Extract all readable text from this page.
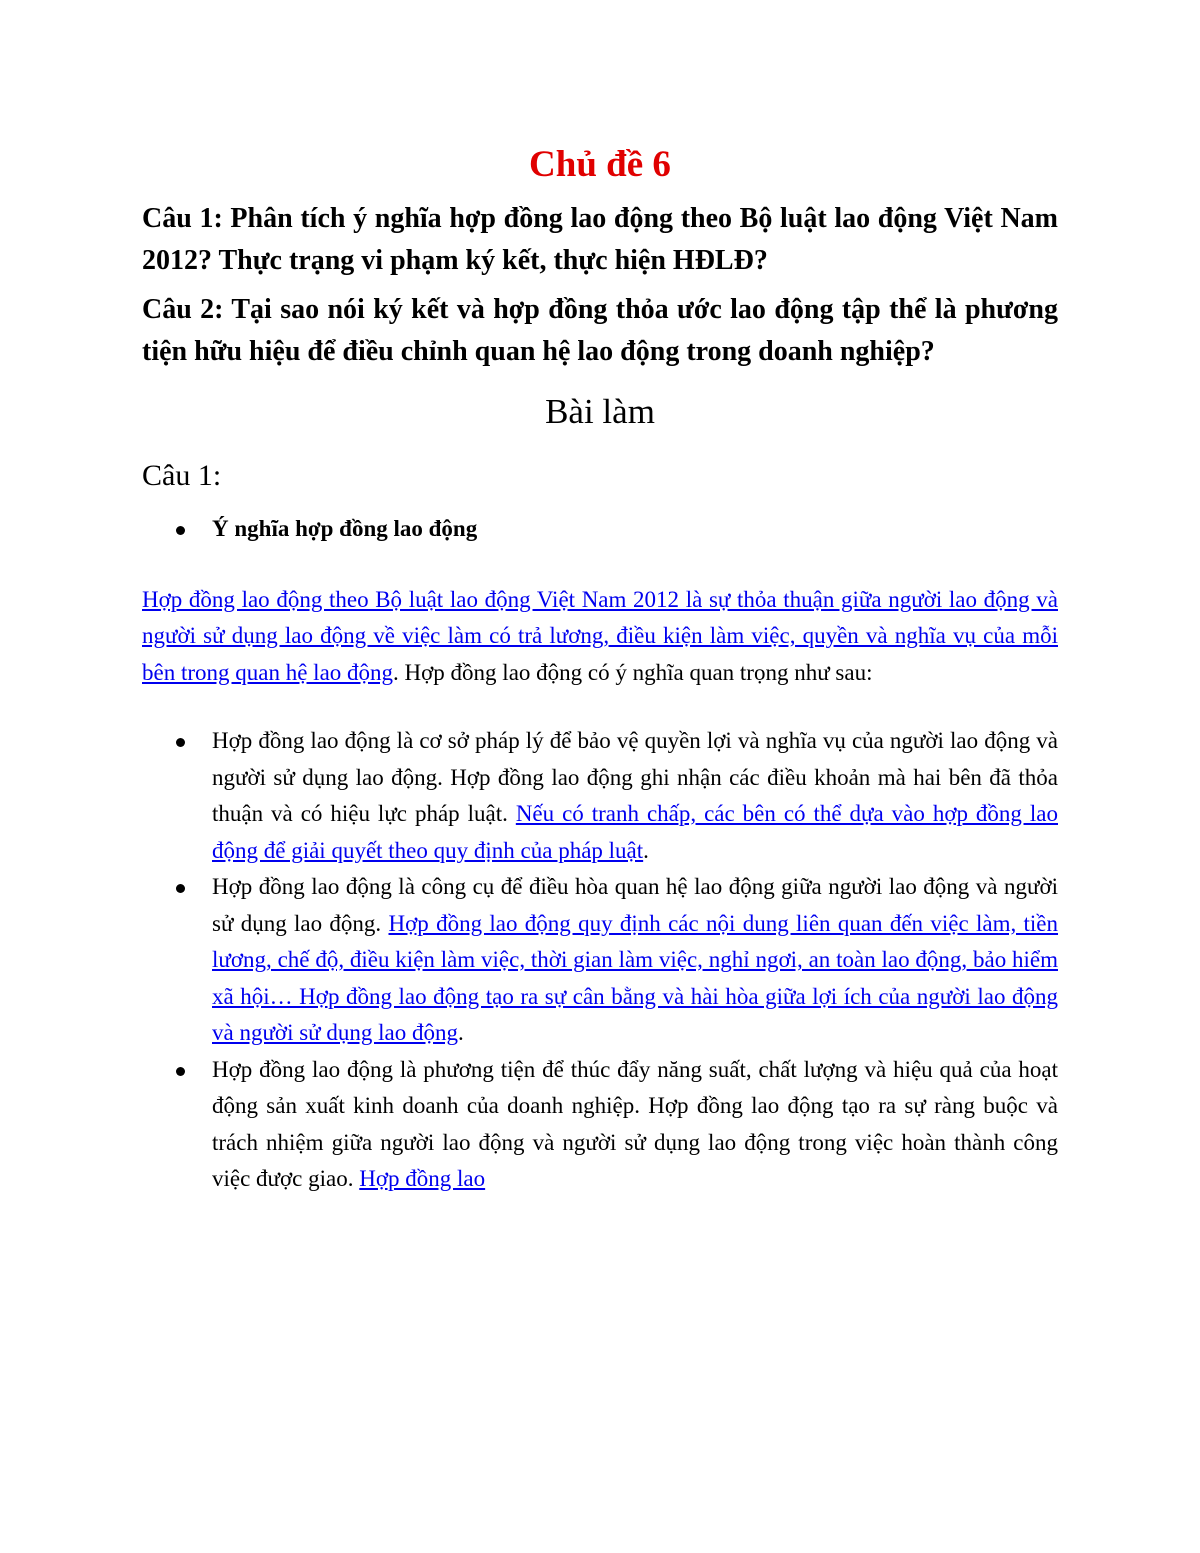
Chủ đề 6

Câu 1: Phân tích ý nghĩa hợp đồng lao động theo Bộ luật lao động Việt Nam 2012? Thực trạng vi phạm ký kết, thực hiện HĐLĐ?

Câu 2: Tại sao nói ký kết và hợp đồng thỏa ước lao động tập thể là phương tiện hữu hiệu để điều chỉnh quan hệ lao động trong doanh nghiệp?

Bài làm
Câu 1:
Ý nghĩa hợp đồng lao động

Hợp đồng lao động theo Bộ luật lao động Việt Nam 2012 là sự thỏa thuận giữa người lao động và người sử dụng lao động về việc làm có trả lương, điều kiện làm việc, quyền và nghĩa vụ của mỗi bên trong quan hệ lao động. Hợp đồng lao động có ý nghĩa quan trọng như sau:

Hợp đồng lao động là cơ sở pháp lý để bảo vệ quyền lợi và nghĩa vụ của người lao động và người sử dụng lao động. Hợp đồng lao động ghi nhận các điều khoản mà hai bên đã thỏa thuận và có hiệu lực pháp luật. Nếu có tranh chấp, các bên có thể dựa vào hợp đồng lao động để giải quyết theo quy định của pháp luật.
Hợp đồng lao động là công cụ để điều hòa quan hệ lao động giữa người lao động và người sử dụng lao động. Hợp đồng lao động quy định các nội dung liên quan đến việc làm, tiền lương, chế độ, điều kiện làm việc, thời gian làm việc, nghỉ ngơi, an toàn lao động, bảo hiểm xã hội… Hợp đồng lao động tạo ra sự cân bằng và hài hòa giữa lợi ích của người lao động và người sử dụng lao động.
Hợp đồng lao động là phương tiện để thúc đẩy năng suất, chất lượng và hiệu quả của hoạt động sản xuất kinh doanh của doanh nghiệp. Hợp đồng lao động tạo ra sự ràng buộc và trách nhiệm giữa người lao động và người sử dụng lao động trong việc hoàn thành công việc được giao. Hợp đồng lao
